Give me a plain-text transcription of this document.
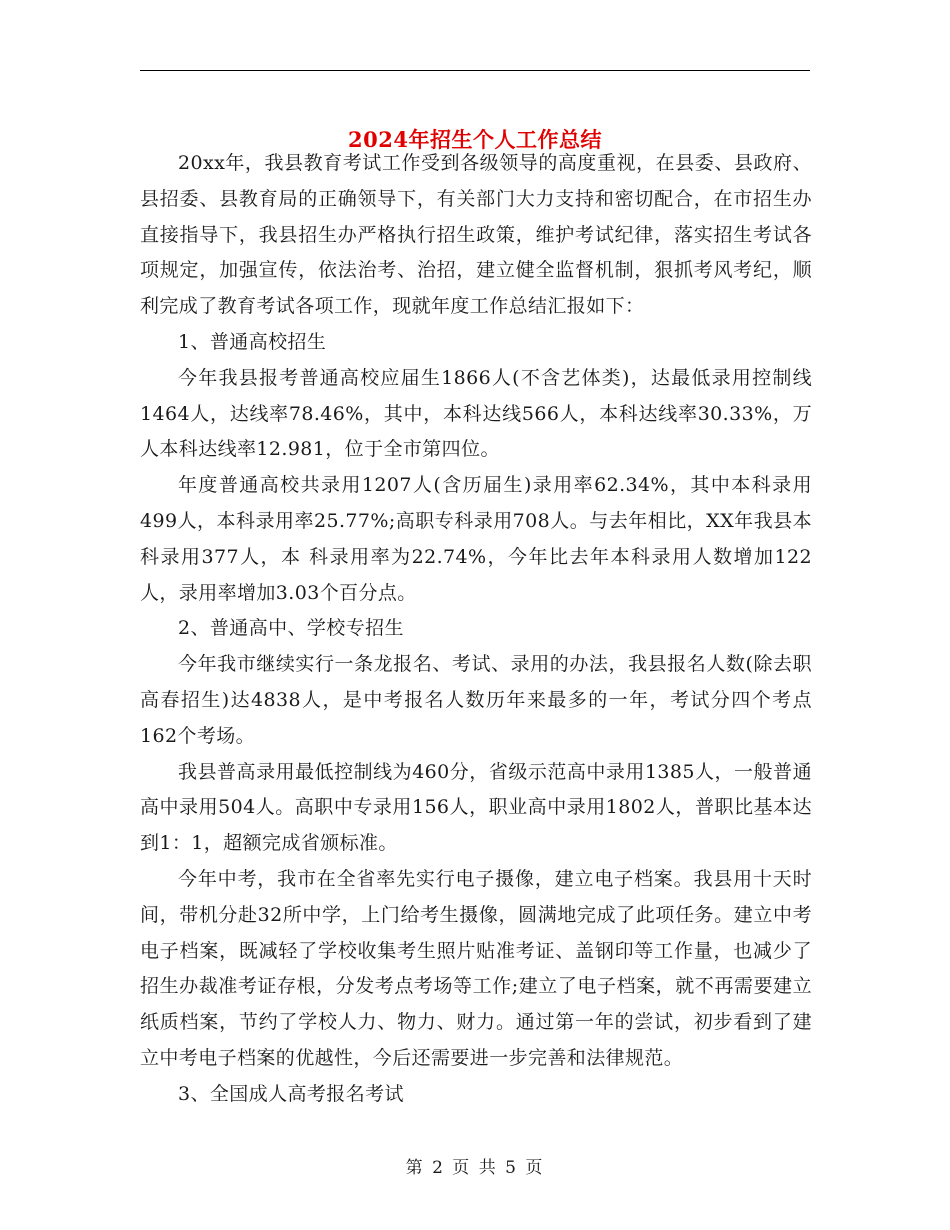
2024年招生个人工作总结

20xx年，我县教育考试工作受到各级领导的高度重视，在县委、县政府、县招委、县教育局的正确领导下，有关部门大力支持和密切配合，在市招生办直接指导下，我县招生办严格执行招生政策，维护考试纪律，落实招生考试各项规定，加强宣传，依法治考、治招，建立健全监督机制，狠抓考风考纪，顺利完成了教育考试各项工作，现就年度工作总结汇报如下：

1、普通高校招生

今年我县报考普通高校应届生1866人(不含艺体类)，达最低录用控制线1464人，达线率78.46%，其中，本科达线566人，本科达线率30.33%，万人本科达线率12.981，位于全市第四位。

年度普通高校共录用1207人(含历届生)录用率62.34%，其中本科录用499人，本科录用率25.77%;高职专科录用708人。与去年相比，XX年我县本科录用377人，本 科录用率为22.74%，今年比去年本科录用人数增加122人，录用率增加3.03个百分点。

2、普通高中、学校专招生

今年我市继续实行一条龙报名、考试、录用的办法，我县报名人数(除去职高春招生)达4838人，是中考报名人数历年来最多的一年，考试分四个考点162个考场。

我县普高录用最低控制线为460分，省级示范高中录用1385人，一般普通高中录用504人。高职中专录用156人，职业高中录用1802人，普职比基本达到1：1，超额完成省颁标准。

今年中考，我市在全省率先实行电子摄像，建立电子档案。我县用十天时间，带机分赴32所中学，上门给考生摄像，圆满地完成了此项任务。建立中考电子档案，既减轻了学校收集考生照片贴准考证、盖钢印等工作量，也减少了招生办裁准考证存根，分发考点考场等工作;建立了电子档案，就不再需要建立纸质档案，节约了学校人力、物力、财力。通过第一年的尝试，初步看到了建立中考电子档案的优越性，今后还需要进一步完善和法律规范。

3、全国成人高考报名考试

第 2 页 共 5 页
